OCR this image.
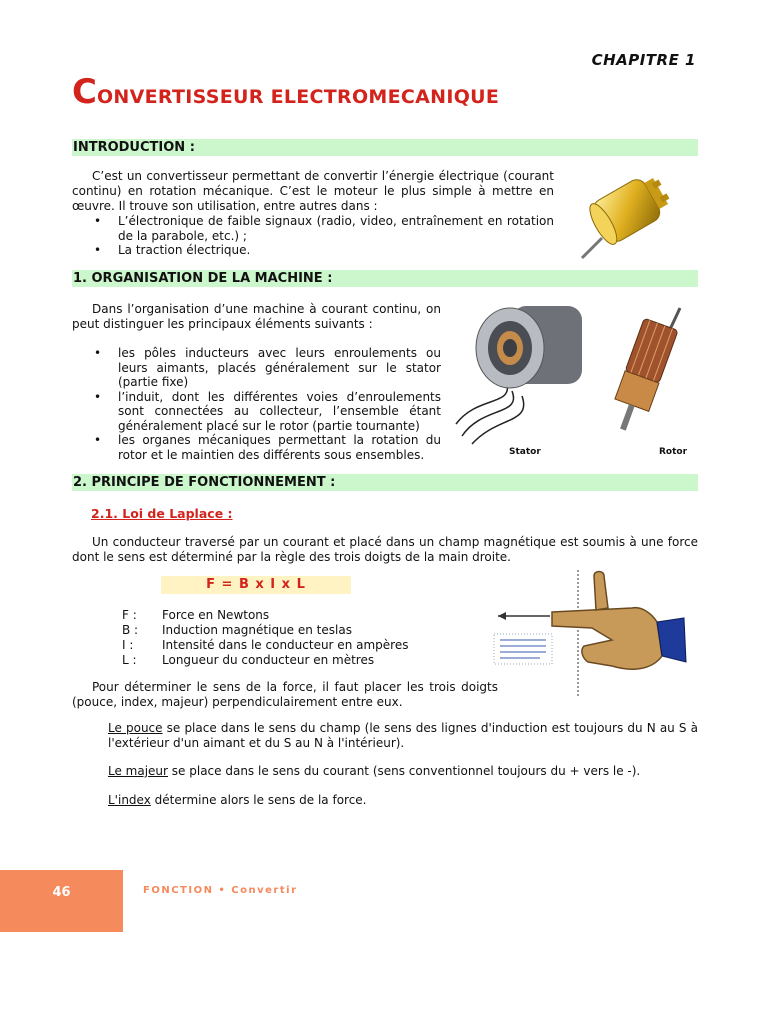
CHAPITRE 1
CONVERTISSEUR ELECTROMECANIQUE
INTRODUCTION :
C’est un convertisseur permettant de convertir l’énergie électrique (courant continu) en rotation mécanique. C’est le moteur le plus simple à mettre en œuvre. Il trouve son utilisation, entre autres dans :
• L’électronique de faible signaux (radio, video, entraînement en rotation de la parabole, etc.) ;
• La traction électrique.
1. ORGANISATION DE LA MACHINE :
Dans l’organisation d’une machine à courant continu, on peut distinguer les principaux éléments suivants :
• les pôles inducteurs avec leurs enroulements ou leurs aimants, placés généralement sur le stator (partie fixe)
• l’induit, dont les différentes voies d’enroulements sont connectées au collecteur, l’ensemble étant généralement placé sur le rotor (partie tournante)
• les organes mécaniques permettant la rotation du rotor et le maintien des différents sous ensembles.	Stator	Rotor
2. PRINCIPE DE FONCTIONNEMENT :
2.1. Loi de Laplace :
Un conducteur traversé par un courant et placé dans un champ magnétique est soumis à une force dont le sens est déterminé par la règle des trois doigts de la main droite.
F = B x I x L
F :	Force en Newtons
B :	Induction magnétique en teslas
I :	Intensité dans le conducteur en ampères
L :	Longueur du conducteur en mètres
Pour déterminer le sens de la force, il faut placer les trois doigts (pouce, index, majeur) perpendiculairement entre eux.
Le pouce se place dans le sens du champ (le sens des lignes d'induction est toujours du N au S à l'extérieur d'un aimant et du S au N à l'intérieur).
Le majeur se place dans le sens du courant (sens conventionnel toujours du + vers le -).
L'index détermine alors le sens de la force.
46	FONCTION • Convertir
